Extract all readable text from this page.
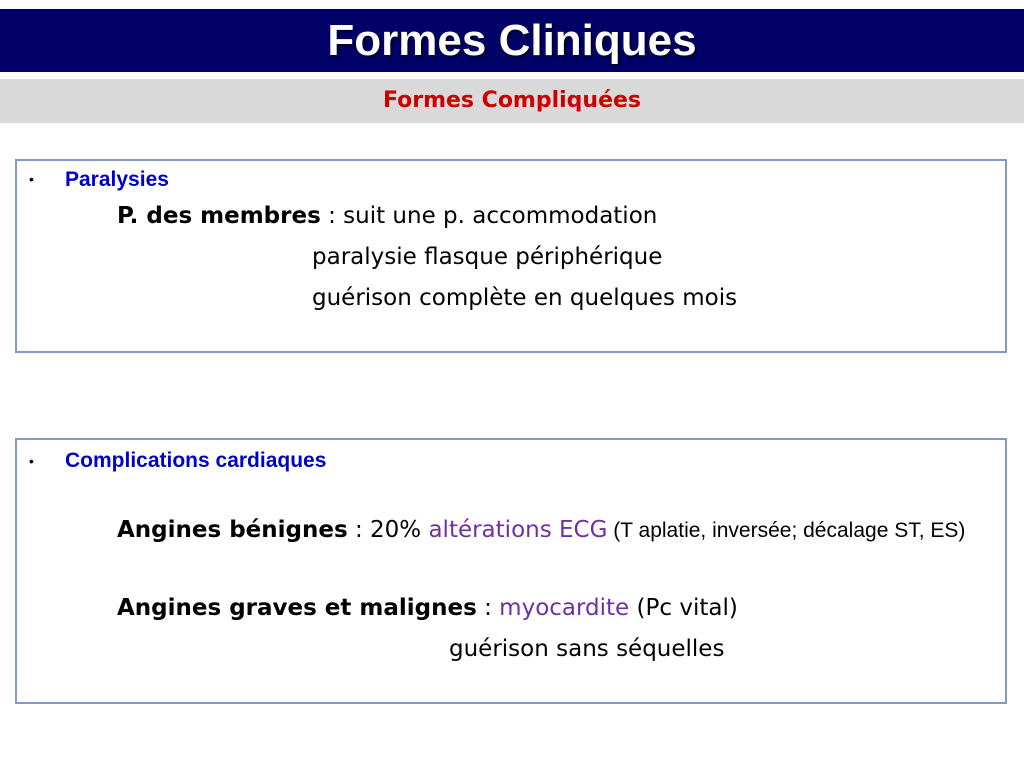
Formes Cliniques
Formes Compliquées
• Paralysies
P. des membres : suit une p. accommodation
paralysie flasque périphérique
guérison complète en quelques mois
• Complications cardiaques
Angines bénignes : 20% altérations ECG (T aplatie, inversée; décalage ST, ES)
Angines graves et malignes : myocardite (Pc vital)
guérison sans séquelles
